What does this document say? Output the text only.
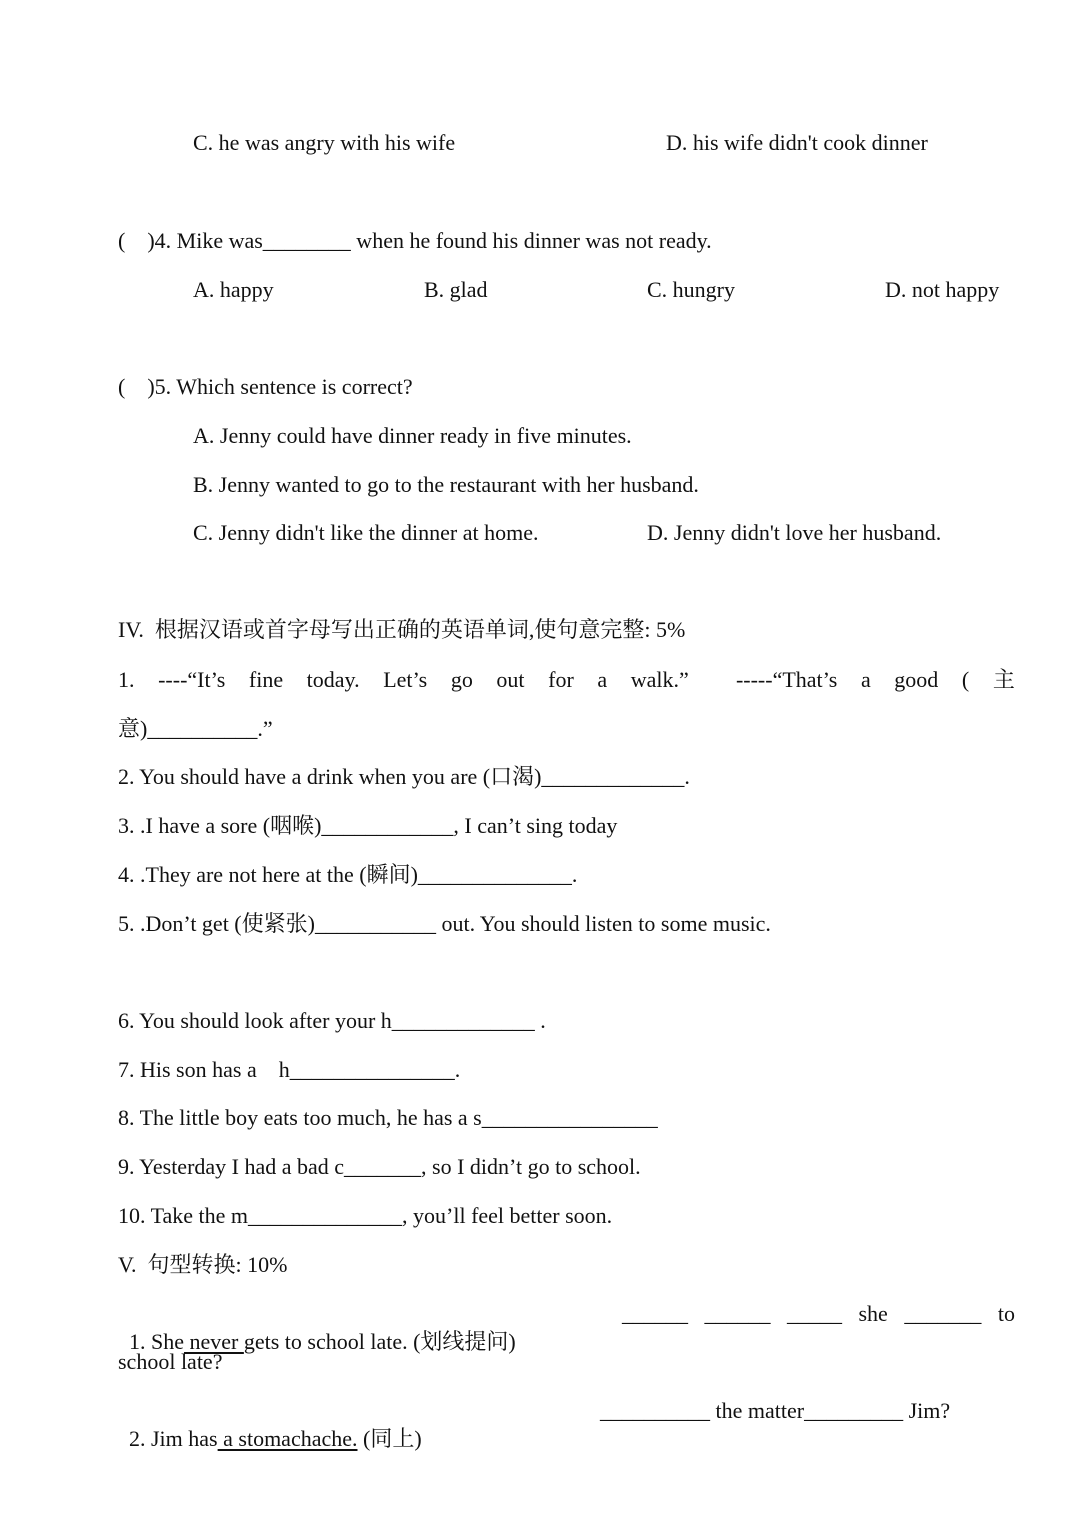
C. he was angry with his wife	D. his wife didn't cook dinner
(    )4. Mike was________ when he found his dinner was not ready.
A. happy	B. glad	C. hungry	D. not happy
(    )5. Which sentence is correct?
A. Jenny could have dinner ready in five minutes.
B. Jenny wanted to go to the restaurant with her husband.
C. Jenny didn't like the dinner at home.	D. Jenny didn't love her husband.
IV.  根据汉语或首字母写出正确的英语单词,使句意完整: 5%
1. ----“It’s fine today. Let’s go out for a walk.” -----“That’s a good ( 主
意)__________.”
2. You should have a drink when you are (口渴)_____________.
3. .I have a sore (咽喉)____________, I can’t sing today
4. .They are not here at the (瞬间)______________.
5. .Don’t get (使紧张)___________ out. You should listen to some music.
6. You should look after your h_____________ .
7. His son has a    h_______________.
8. The little boy eats too much, he has a s________________
9. Yesterday I had a bad c_______, so I didn’t go to school.
10. Take the m______________, you’ll feel better soon.
V.  句型转换: 10%

1. She never gets to school late. (划线提问)

______ ______ _____ she _______ to
school late?

2. Jim has a stomachache. (同上)

__________ the matter_________ Jim?
